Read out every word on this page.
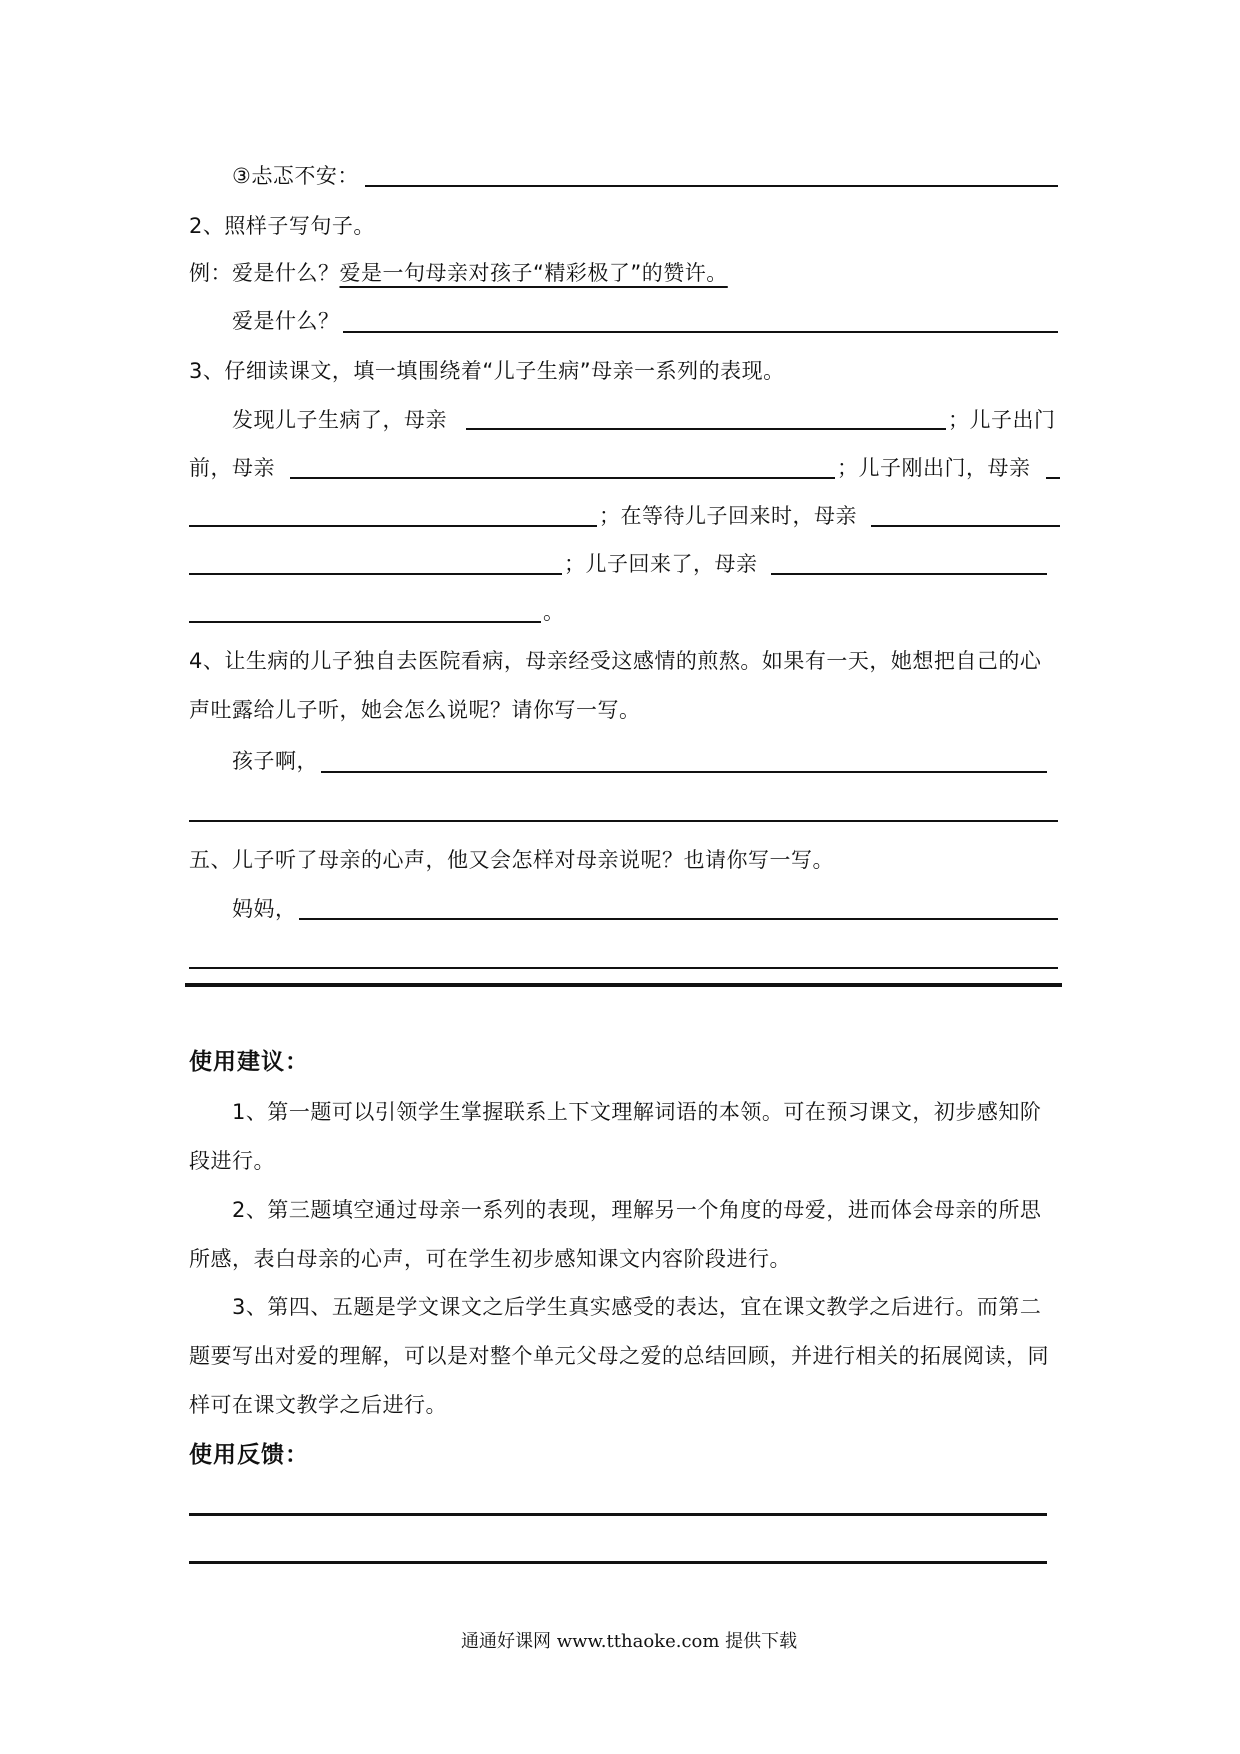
③忐忑不安：
2、照样子写句子。
例：爱是什么？爱是一句母亲对孩子“精彩极了”的赞许。
爱是什么？
3、仔细读课文，填一填围绕着“儿子生病”母亲一系列的表现。
发现儿子生病了，母亲	；儿子出门
前，母亲	；儿子刚出门，母亲
；在等待儿子回来时，母亲
；儿子回来了，母亲
。
4、让生病的儿子独自去医院看病，母亲经受这感情的煎熬。如果有一天，她想把自己的心
声吐露给儿子听，她会怎么说呢？请你写一写。
孩子啊，
五、儿子听了母亲的心声，他又会怎样对母亲说呢？也请你写一写。
妈妈，
使用建议：
1、第一题可以引领学生掌握联系上下文理解词语的本领。可在预习课文，初步感知阶
段进行。
2、第三题填空通过母亲一系列的表现，理解另一个角度的母爱，进而体会母亲的所思
所感，表白母亲的心声，可在学生初步感知课文内容阶段进行。
3、第四、五题是学文课文之后学生真实感受的表达，宜在课文教学之后进行。而第二
题要写出对爱的理解，可以是对整个单元父母之爱的总结回顾，并进行相关的拓展阅读，同
样可在课文教学之后进行。
使用反馈：
通通好课网 www.tthaoke.com 提供下载
